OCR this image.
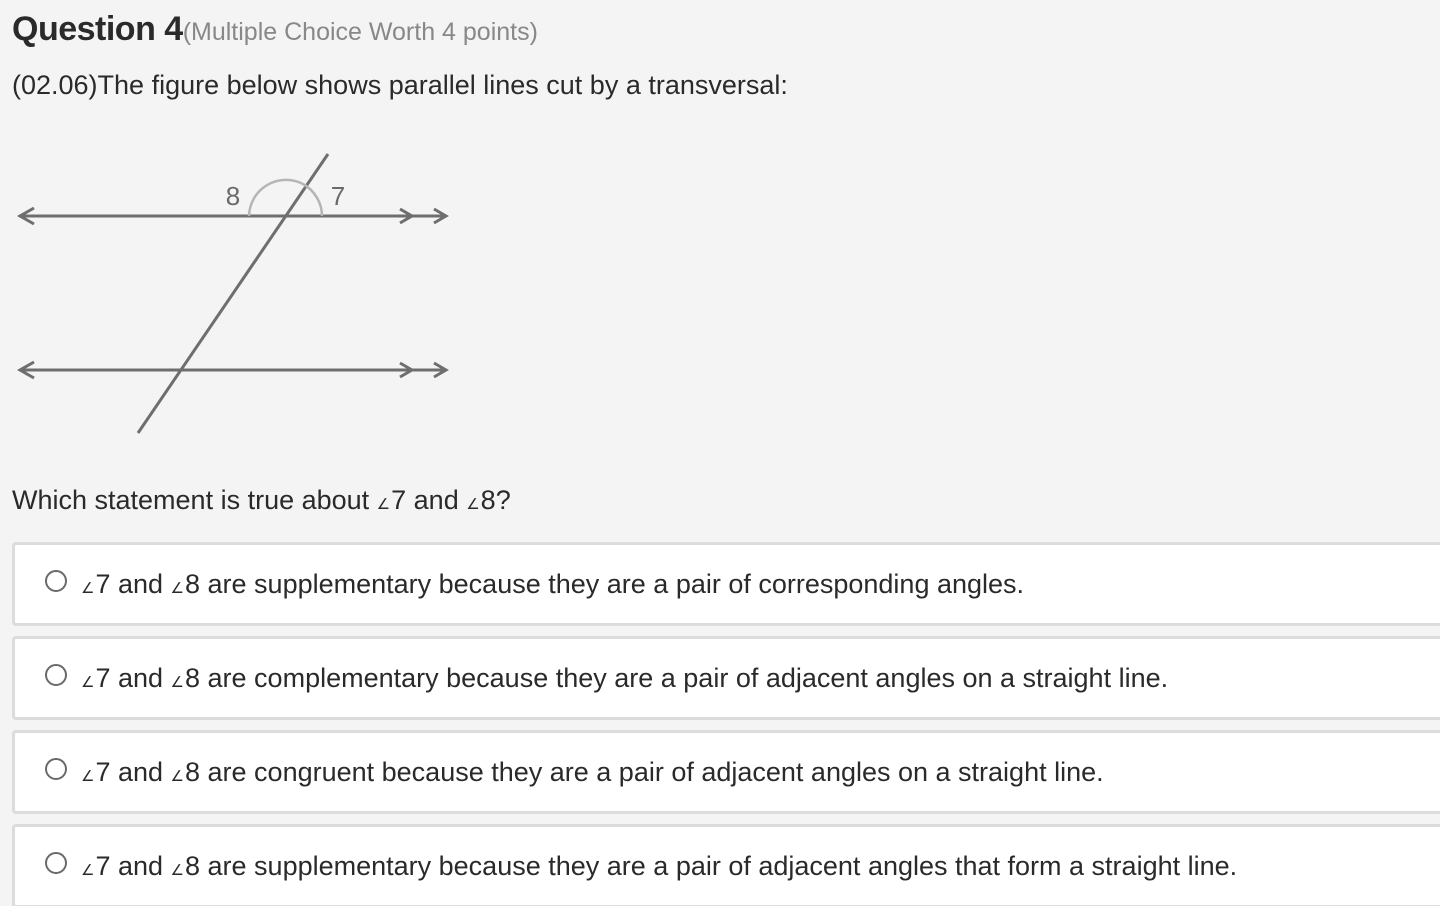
Question 4(Multiple Choice Worth 4 points)
(02.06)The figure below shows parallel lines cut by a transversal:
8	7
Which statement is true about ∠7 and ∠8?
∠7 and ∠8 are supplementary because they are a pair of corresponding angles.
∠7 and ∠8 are complementary because they are a pair of adjacent angles on a straight line.
∠7 and ∠8 are congruent because they are a pair of adjacent angles on a straight line.
∠7 and ∠8 are supplementary because they are a pair of adjacent angles that form a straight line.
